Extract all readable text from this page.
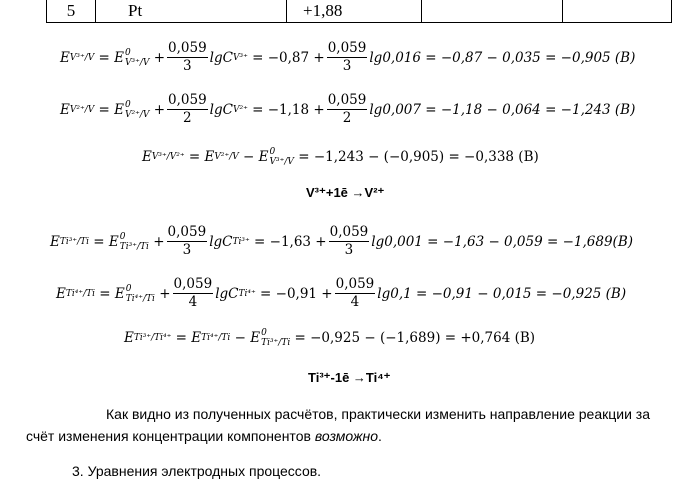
5	Pt	+1,88		
E V³⁺/V = E 0
$V^{3+}/V + \frac{0,059}{3}$ lgC V³⁺
= $-0,87 + \frac{0,059}{3} \lg 0,016 = -0,87 - 0,035 = -0,905$ (B)
E V²⁺/V = E 0
$V^{2+}/V + \frac{0,059}{2}$ lgC V²⁺
= $-1,18 + \frac{0,059}{2} \lg 0,007 = -1,18 - 0,064 = -1,243$ (B)
E V³⁺/V²⁺ = E V²⁺/V − E 0
V³⁺/V
= −1,243 − (−0,905) = −0,338 (B)
V³⁺+1ē →V²⁺
E Ti³⁺/Ti = E 0
$Ti^{3+}/Ti + \frac{0,059}{3}$ lgC Ti³⁺
= $-1,63 + \frac{0,059}{3} \lg 0,001 = -1,63 - 0,059 = -1,689(B)$
E Ti⁴⁺/Ti = E 0
$Ti^{4+}/Ti + \frac{0,059}{4}$ lgC Ti⁴⁺
= $-0,91 + \frac{0,059}{4} \lg 0,1 = -0,91 - 0,015 = -0,925$ (B)
E Ti³⁺/Ti⁴⁺ = E Ti⁴⁺/Ti − E 0
Ti³⁺/Ti
= −0,925 − (−1,689) = +0,764 (B)
Ti³⁺-1ē →Ti⁴⁺
Как видно из полученных расчётов, практически изменить направление реакции за счёт изменения концентрации компонентов возможно.
3. Уравнения электродных процессов.
